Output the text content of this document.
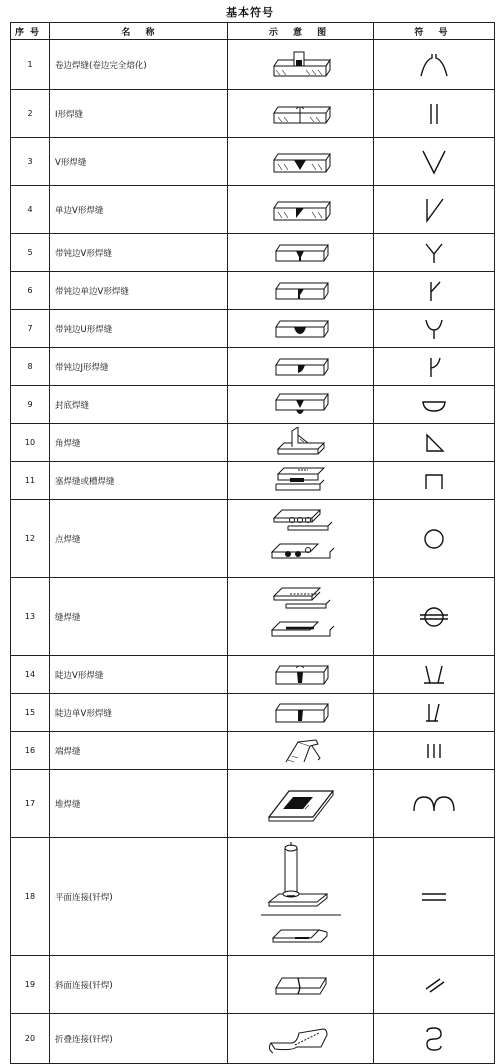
基本符号
序号	名 称	示 意 图	符 号
1	卷边焊缝(卷边完全熔化)	

2	I形焊缝	

3	V形焊缝	

4	单边V形焊缝	

5	带钝边V形焊缝	

6	带钝边单边V形焊缝	

7	带钝边U形焊缝	

8	带钝边J形焊缝	

9	封底焊缝	

10	角焊缝	

11	塞焊缝或槽焊缝	

12	点焊缝	

13	缝焊缝	

14	陡边V形焊缝	

15	陡边单V形焊缝	

16	端焊缝	

17	堆焊缝	

18	平面连接(钎焊)	

19	斜面连接(钎焊)	

20	折叠连接(钎焊)	
